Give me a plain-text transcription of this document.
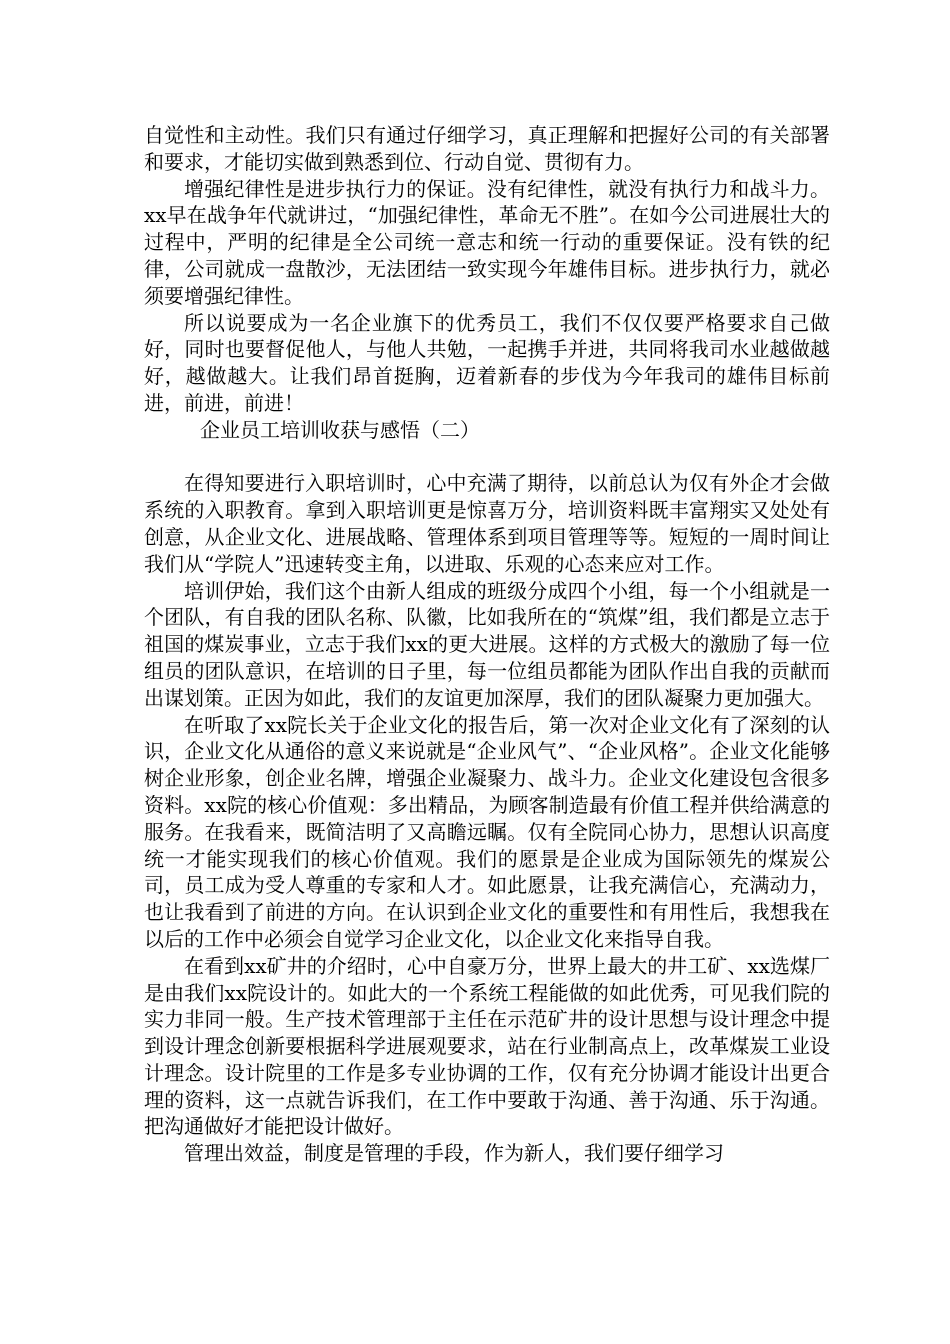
自觉性和主动性。我们只有通过仔细学习，真正理解和把握好公司的有关部署和要求，才能切实做到熟悉到位、行动自觉、贯彻有力。

增强纪律性是进步执行力的保证。没有纪律性，就没有执行力和战斗力。xx早在战争年代就讲过，“加强纪律性，革命无不胜”。在如今公司进展壮大的过程中，严明的纪律是全公司统一意志和统一行动的重要保证。没有铁的纪律，公司就成一盘散沙，无法团结一致实现今年雄伟目标。进步执行力，就必须要增强纪律性。

所以说要成为一名企业旗下的优秀员工，我们不仅仅要严格要求自己做好，同时也要督促他人，与他人共勉，一起携手并进，共同将我司水业越做越好，越做越大。让我们昂首挺胸，迈着新春的步伐为今年我司的雄伟目标前进，前进，前进！

企业员工培训收获与感悟（二）

在得知要进行入职培训时，心中充满了期待，以前总认为仅有外企才会做系统的入职教育。拿到入职培训更是惊喜万分，培训资料既丰富翔实又处处有创意，从企业文化、进展战略、管理体系到项目管理等等。短短的一周时间让我们从“学院人”迅速转变主角，以进取、乐观的心态来应对工作。

培训伊始，我们这个由新人组成的班级分成四个小组，每一个小组就是一个团队，有自我的团队名称、队徽，比如我所在的“筑煤”组，我们都是立志于祖国的煤炭事业，立志于我们xx的更大进展。这样的方式极大的激励了每一位组员的团队意识，在培训的日子里，每一位组员都能为团队作出自我的贡献而出谋划策。正因为如此，我们的友谊更加深厚，我们的团队凝聚力更加强大。

在听取了xx院长关于企业文化的报告后，第一次对企业文化有了深刻的认识，企业文化从通俗的意义来说就是“企业风气”、“企业风格”。企业文化能够树企业形象，创企业名牌，增强企业凝聚力、战斗力。企业文化建设包含很多资料。xx院的核心价值观：多出精品，为顾客制造最有价值工程并供给满意的服务。在我看来，既简洁明了又高瞻远瞩。仅有全院同心协力，思想认识高度统一才能实现我们的核心价值观。我们的愿景是企业成为国际领先的煤炭公司，员工成为受人尊重的专家和人才。如此愿景，让我充满信心，充满动力，也让我看到了前进的方向。在认识到企业文化的重要性和有用性后，我想我在以后的工作中必须会自觉学习企业文化，以企业文化来指导自我。

在看到xx矿井的介绍时，心中自豪万分，世界上最大的井工矿、xx选煤厂是由我们xx院设计的。如此大的一个系统工程能做的如此优秀，可见我们院的实力非同一般。生产技术管理部于主任在示范矿井的设计思想与设计理念中提到设计理念创新要根据科学进展观要求，站在行业制高点上，改革煤炭工业设计理念。设计院里的工作是多专业协调的工作，仅有充分协调才能设计出更合理的资料，这一点就告诉我们，在工作中要敢于沟通、善于沟通、乐于沟通。把沟通做好才能把设计做好。

管理出效益，制度是管理的手段，作为新人，我们要仔细学习
